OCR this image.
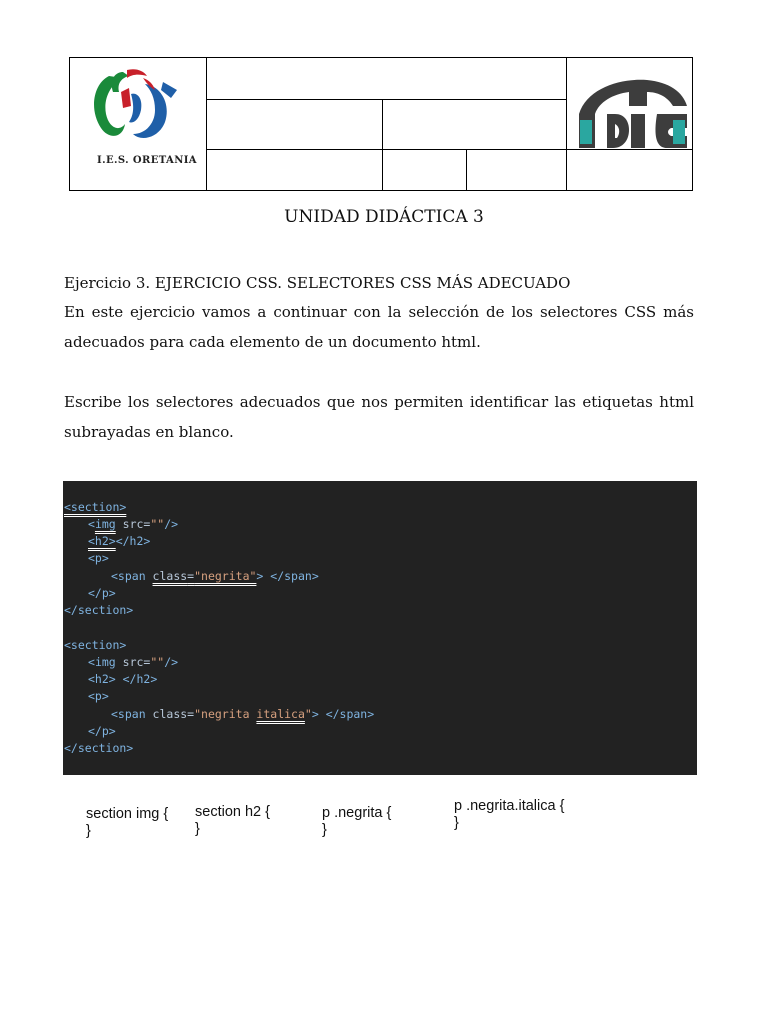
I.E.S. ORETANIA
UNIDAD DIDÁCTICA 3
Ejercicio 3. EJERCICIO CSS. SELECTORES CSS MÁS ADECUADO
En este ejercicio vamos a continuar con la selección de los selectores CSS más
adecuados para cada elemento de un documento html.
Escribe los selectores adecuados que nos permiten identificar las etiquetas html
subrayadas en blanco.
<section>
<img src=""/>
<h2></h2>
<p>
<span class="negrita"> </span>
</p>
</section>
<section>
<img src=""/>
<h2> </h2>
<p>
<span class="negrita italica"> </span>
</p>
</section>
section img {
}
section h2 {
}
p .negrita {
}
p .negrita.italica {
}
